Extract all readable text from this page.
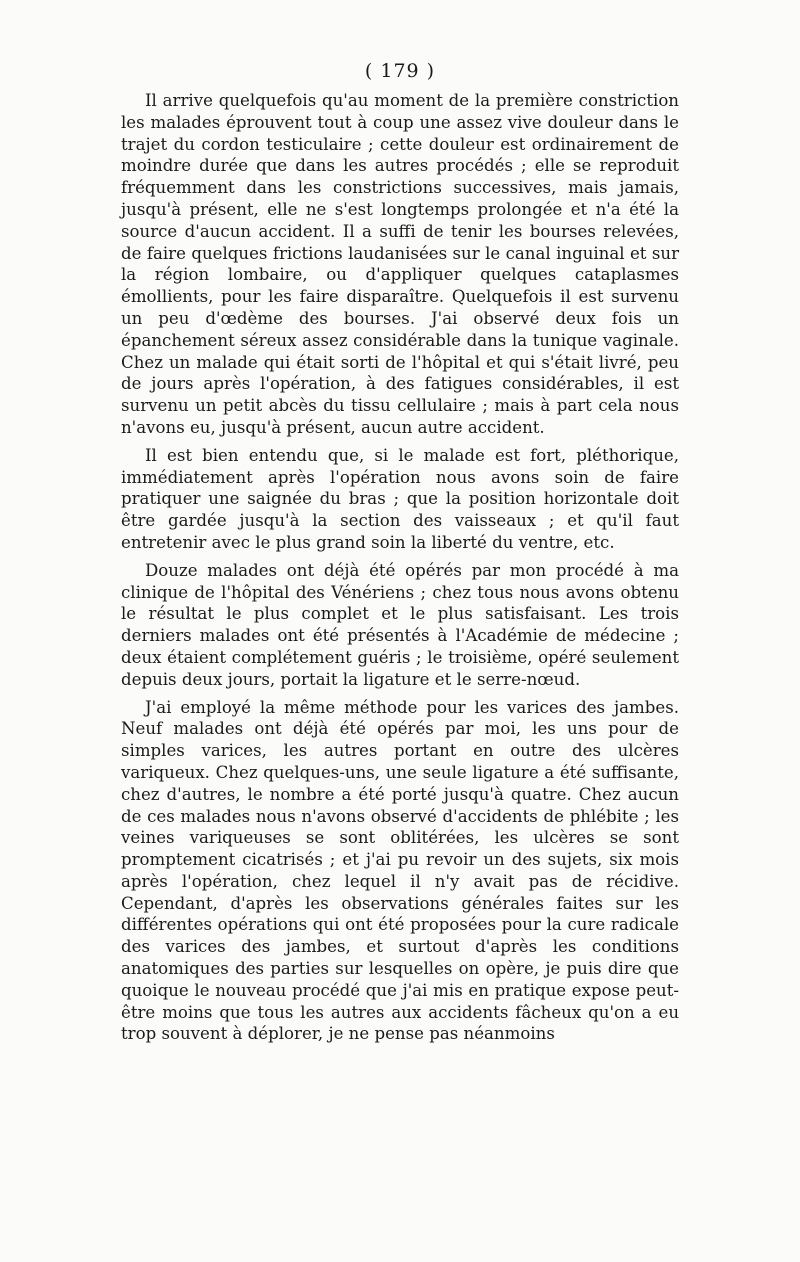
( 179 )

Il arrive quelquefois qu'au moment de la première constriction les malades éprouvent tout à coup une assez vive douleur dans le trajet du cordon testiculaire ; cette douleur est ordinairement de moindre durée que dans les autres procédés ; elle se reproduit fréquemment dans les constrictions successives, mais jamais, jusqu'à présent, elle ne s'est longtemps prolongée et n'a été la source d'aucun accident. Il a suffi de tenir les bourses relevées, de faire quelques frictions laudanisées sur le canal inguinal et sur la région lombaire, ou d'appliquer quelques cataplasmes émollients, pour les faire disparaître. Quelquefois il est survenu un peu d'œdème des bourses. J'ai observé deux fois un épanchement séreux assez considérable dans la tunique vaginale. Chez un malade qui était sorti de l'hôpital et qui s'était livré, peu de jours après l'opération, à des fatigues considérables, il est survenu un petit abcès du tissu cellulaire ; mais à part cela nous n'avons eu, jusqu'à présent, aucun autre accident.

Il est bien entendu que, si le malade est fort, pléthorique, immédiatement après l'opération nous avons soin de faire pratiquer une saignée du bras ; que la position horizontale doit être gardée jusqu'à la section des vaisseaux ; et qu'il faut entretenir avec le plus grand soin la liberté du ventre, etc.

Douze malades ont déjà été opérés par mon procédé à ma clinique de l'hôpital des Vénériens ; chez tous nous avons obtenu le résultat le plus complet et le plus satisfaisant. Les trois derniers malades ont été présentés à l'Académie de médecine ; deux étaient complétement guéris ; le troisième, opéré seulement depuis deux jours, portait la ligature et le serre-nœud.

J'ai employé la même méthode pour les varices des jambes. Neuf malades ont déjà été opérés par moi, les uns pour de simples varices, les autres portant en outre des ulcères variqueux. Chez quelques-uns, une seule ligature a été suffisante, chez d'autres, le nombre a été porté jusqu'à quatre. Chez aucun de ces malades nous n'avons observé d'accidents de phlébite ; les veines variqueuses se sont oblitérées, les ulcères se sont promptement cicatrisés ; et j'ai pu revoir un des sujets, six mois après l'opération, chez lequel il n'y avait pas de récidive. Cependant, d'après les observations générales faites sur les différentes opérations qui ont été proposées pour la cure radicale des varices des jambes, et surtout d'après les conditions anatomiques des parties sur lesquelles on opère, je puis dire que quoique le nouveau procédé que j'ai mis en pratique expose peut-être moins que tous les autres aux accidents fâcheux qu'on a eu trop souvent à déplorer, je ne pense pas néanmoins
